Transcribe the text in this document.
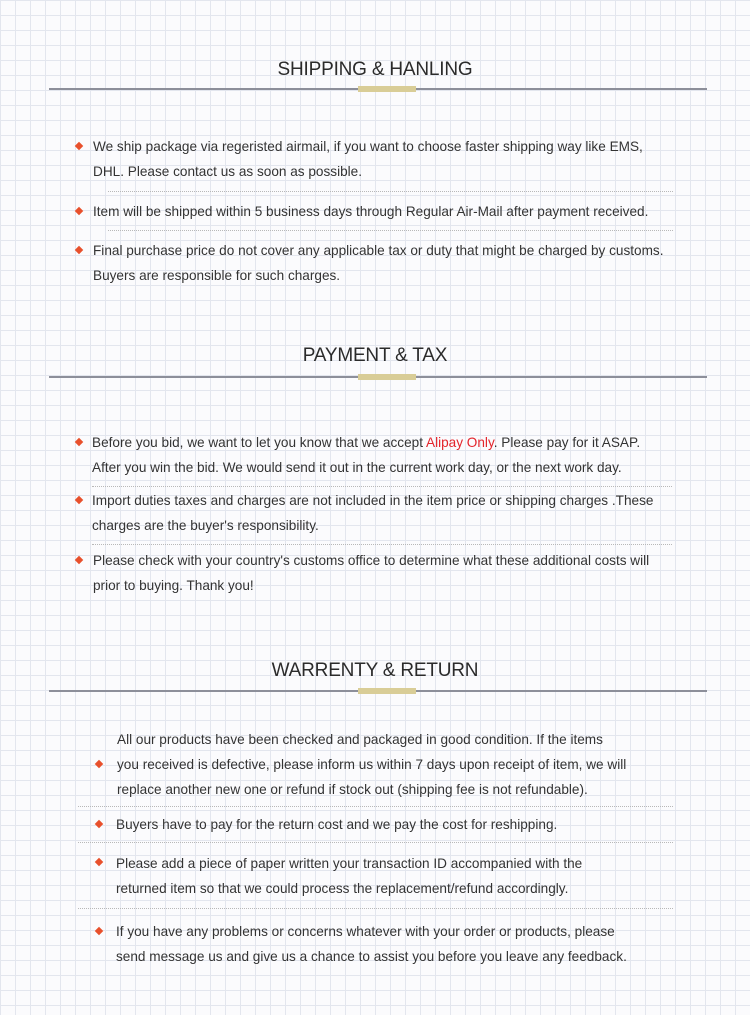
SHIPPING & HANLING

We ship package via regeristed airmail, if you want to choose faster shipping way like EMS,

DHL. Please contact us as soon as possible.

Item will be shipped within 5 business days through Regular Air-Mail after payment received.

Final purchase price do not cover any applicable tax or duty that might be charged by customs.

Buyers are responsible for such charges.

PAYMENT & TAX

Before you bid, we want to let you know that we accept Alipay Only. Please pay for it ASAP.

After you win the bid. We would send it out in the current work day, or the next work day.

Import duties taxes and charges are not included in the item price or shipping charges .These

charges are the buyer's responsibility.

Please check with your country's customs office to determine what these additional costs will

prior to buying. Thank you!

WARRENTY & RETURN

All our products have been checked and packaged in good condition. If the items

you received is defective, please inform us within 7 days upon receipt of item, we will

replace another new one or refund if stock out (shipping fee is not refundable).

Buyers have to pay for the return cost and we pay the cost for reshipping.

Please add a piece of paper written your transaction ID accompanied with the

returned item so that we could process the replacement/refund accordingly.

If you have any problems or concerns whatever with your order or products, please

send message us and give us a chance to assist you before you leave any feedback.
